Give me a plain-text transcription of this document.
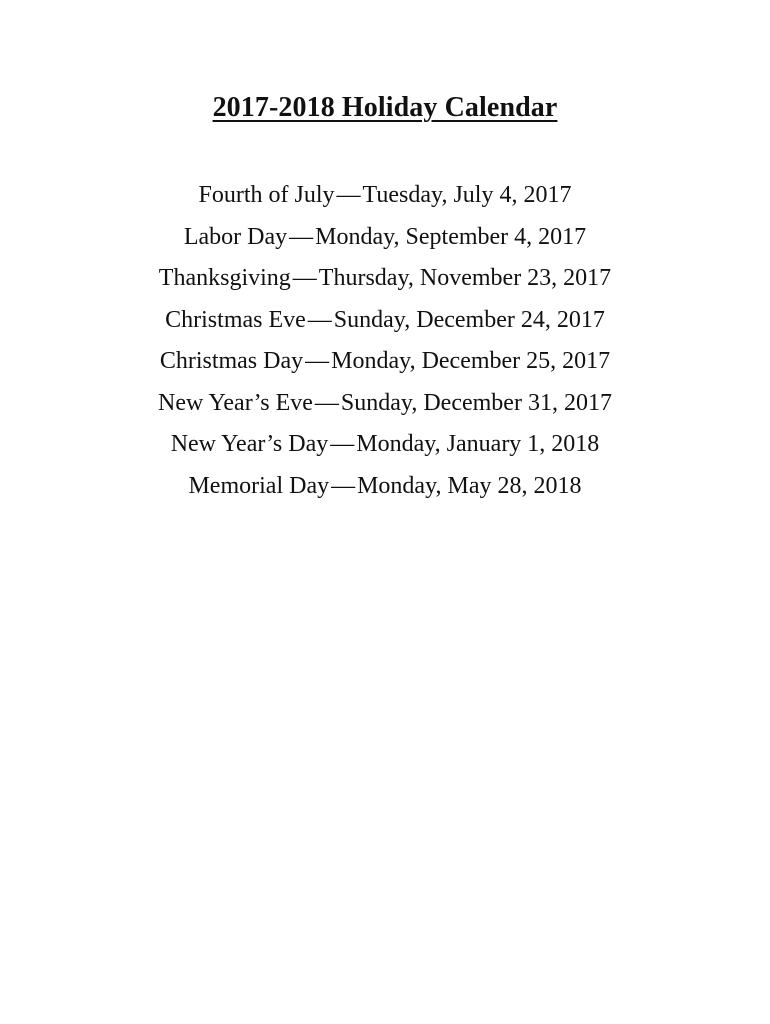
2017-2018 Holiday Calendar
Fourth of July—Tuesday, July 4, 2017
Labor Day—Monday, September 4, 2017
Thanksgiving—Thursday, November 23, 2017
Christmas Eve—Sunday, December 24, 2017
Christmas Day—Monday, December 25, 2017
New Year’s Eve—Sunday, December 31, 2017
New Year’s Day—Monday, January 1, 2018
Memorial Day—Monday, May 28, 2018
